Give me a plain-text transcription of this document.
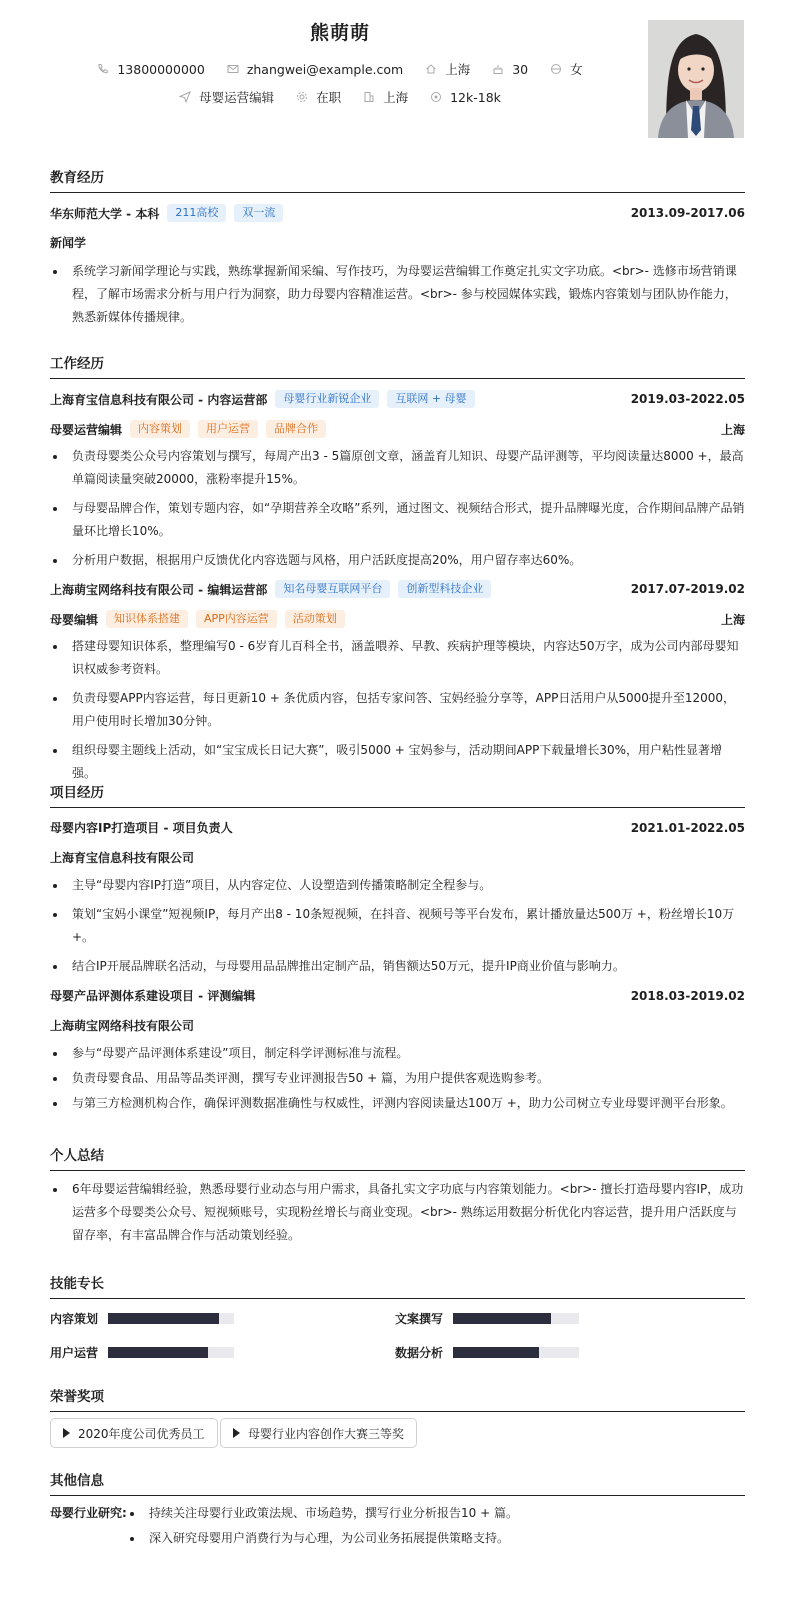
熊萌萌
13800000000	zhangwei@example.com	上海	30	女
母婴运营编辑	在职	上海	12k-18k
教育经历
华东师范大学 - 本科	211高校	双一流	2013.09-2017.06
新闻学
系统学习新闻学理论与实践，熟练掌握新闻采编、写作技巧，为母婴运营编辑工作奠定扎实文字功底。<br>- 选修市场营销课程，了解市场需求分析与用户行为洞察，助力母婴内容精准运营。<br>- 参与校园媒体实践，锻炼内容策划与团队协作能力，熟悉新媒体传播规律。
工作经历
上海育宝信息科技有限公司 - 内容运营部	母婴行业新锐企业	互联网 + 母婴	2019.03-2022.05
母婴运营编辑	内容策划	用户运营	品牌合作	上海
负责母婴类公众号内容策划与撰写，每周产出3 - 5篇原创文章，涵盖育儿知识、母婴产品评测等，平均阅读量达8000 +，最高单篇阅读量突破20000，涨粉率提升15%。
与母婴品牌合作，策划专题内容，如“孕期营养全攻略”系列，通过图文、视频结合形式，提升品牌曝光度，合作期间品牌产品销量环比增长10%。
分析用户数据，根据用户反馈优化内容选题与风格，用户活跃度提高20%，用户留存率达60%。
上海萌宝网络科技有限公司 - 编辑运营部	知名母婴互联网平台	创新型科技企业	2017.07-2019.02
母婴编辑	知识体系搭建	APP内容运营	活动策划	上海
搭建母婴知识体系，整理编写0 - 6岁育儿百科全书，涵盖喂养、早教、疾病护理等模块，内容达50万字，成为公司内部母婴知识权威参考资料。
负责母婴APP内容运营，每日更新10 + 条优质内容，包括专家问答、宝妈经验分享等，APP日活用户从5000提升至12000，用户使用时长增加30分钟。
组织母婴主题线上活动，如“宝宝成长日记大赛”，吸引5000 + 宝妈参与，活动期间APP下载量增长30%，用户粘性显著增强。
项目经历
母婴内容IP打造项目 - 项目负责人	2021.01-2022.05
上海育宝信息科技有限公司
主导“母婴内容IP打造”项目，从内容定位、人设塑造到传播策略制定全程参与。
策划“宝妈小课堂”短视频IP，每月产出8 - 10条短视频，在抖音、视频号等平台发布，累计播放量达500万 +，粉丝增长10万 +。
结合IP开展品牌联名活动，与母婴用品品牌推出定制产品，销售额达50万元，提升IP商业价值与影响力。
母婴产品评测体系建设项目 - 评测编辑	2018.03-2019.02
上海萌宝网络科技有限公司
参与“母婴产品评测体系建设”项目，制定科学评测标准与流程。
负责母婴食品、用品等品类评测，撰写专业评测报告50 + 篇，为用户提供客观选购参考。
与第三方检测机构合作，确保评测数据准确性与权威性，评测内容阅读量达100万 +，助力公司树立专业母婴评测平台形象。
个人总结
6年母婴运营编辑经验，熟悉母婴行业动态与用户需求，具备扎实文字功底与内容策划能力。<br>- 擅长打造母婴内容IP，成功运营多个母婴类公众号、短视频账号，实现粉丝增长与商业变现。<br>- 熟练运用数据分析优化内容运营，提升用户活跃度与留存率，有丰富品牌合作与活动策划经验。
技能专长
内容策划	文案撰写
用户运营	数据分析
荣誉奖项
2020年度公司优秀员工	母婴行业内容创作大赛三等奖
其他信息
母婴行业研究:	持续关注母婴行业政策法规、市场趋势，撰写行业分析报告10 + 篇。
深入研究母婴用户消费行为与心理，为公司业务拓展提供策略支持。
